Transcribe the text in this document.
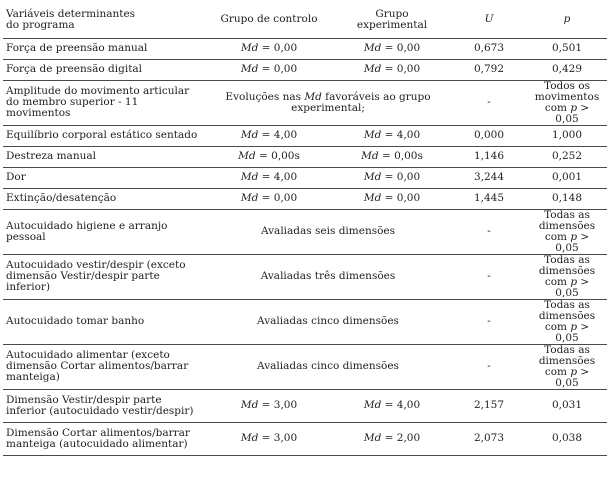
Variáveis determinantes do programa	Grupo de controlo	Grupo experimental	U	p
Força de preensão manual	Md = 0,00	Md = 0,00	0,673	0,501
Força de preensão digital	Md = 0,00	Md = 0,00	0,792	0,429
Amplitude do movimento articular do membro superior - 11 movimentos	Evoluções nas Md favoráveis ao grupo experimental;		-	Todos os movimentos com p > 0,05
Equilíbrio corporal estático sentado	Md = 4,00	Md = 4,00	0,000	1,000
Destreza manual	Md = 0,00s	Md = 0,00s	1,146	0,252
Dor	Md = 4,00	Md = 0,00	3,244	0,001
Extinção/desatenção	Md = 0,00	Md = 0,00	1,445	0,148
Autocuidado higiene e arranjo pessoal	Avaliadas seis dimensões		-	Todas as dimensões com p > 0,05
Autocuidado vestir/despir (exceto dimensão Vestir/despir parte inferior)	Avaliadas três dimensões		-	Todas as dimensões com p > 0,05
Autocuidado tomar banho	Avaliadas cinco dimensões		-	Todas as dimensões com p > 0,05
Autocuidado alimentar (exceto dimensão Cortar alimentos/barrar manteiga)	Avaliadas cinco dimensões		-	Todas as dimensões com p > 0,05
Dimensão Vestir/despir parte inferior (autocuidado vestir/despir)	Md = 3,00	Md = 4,00	2,157	0,031
Dimensão Cortar alimentos/barrar manteiga (autocuidado alimentar)	Md = 3,00	Md = 2,00	2,073	0,038
